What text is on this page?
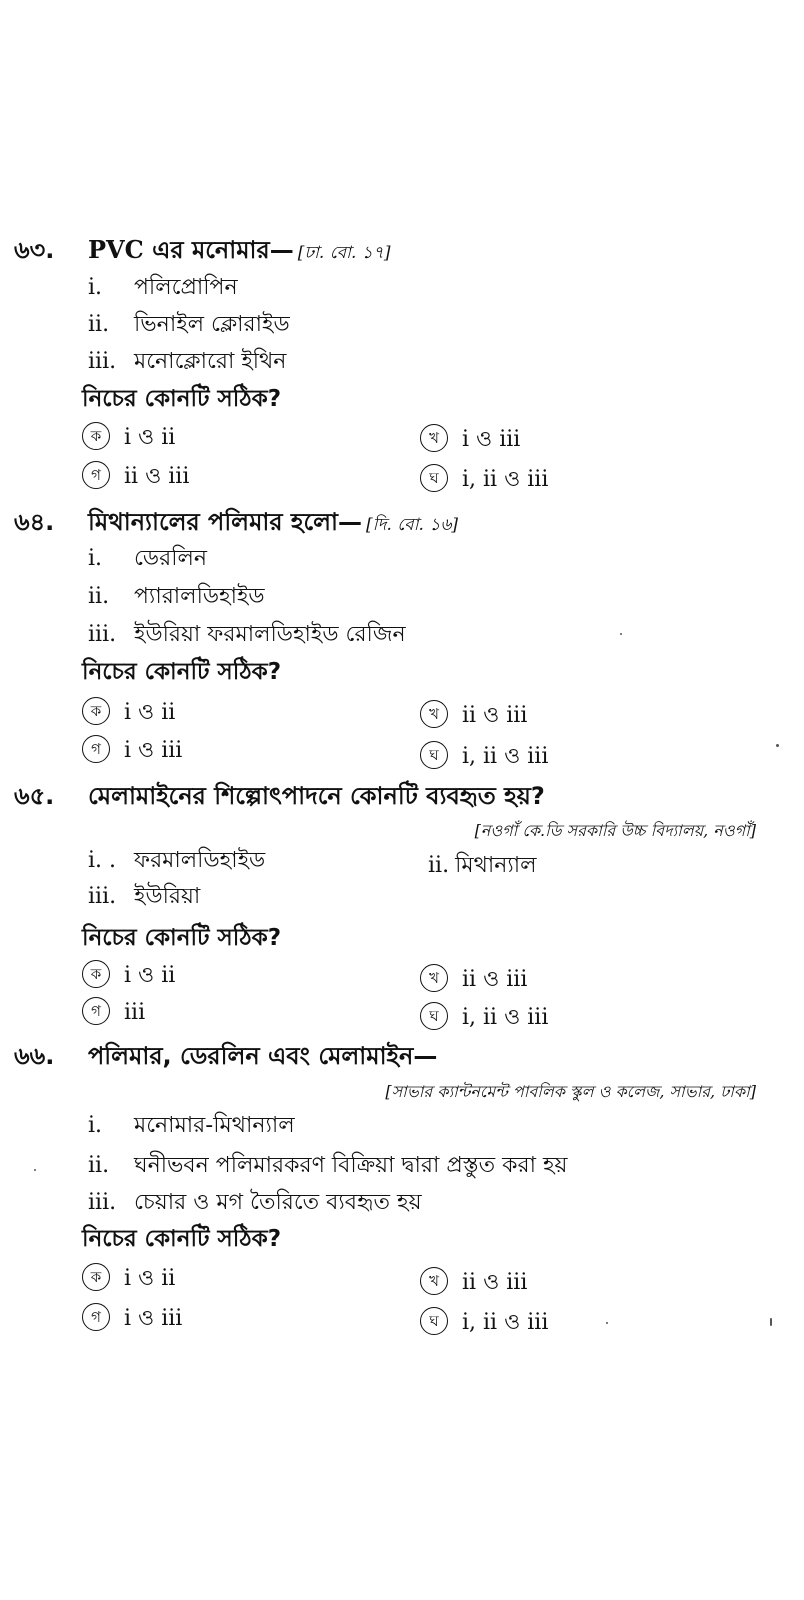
৬৩. PVC এর মনোমার— [ঢা. বো. ১৭]
i. পলিপ্রোপিন
ii. ভিনাইল ক্লোরাইড
iii. মনোক্লোরো ইথিন
নিচের কোনটি সঠিক?
ক i ও ii	খ i ও iii
গ ii ও iii	ঘ i, ii ও iii
৬৪. মিথান্যালের পলিমার হলো— [দি. বো. ১৬]
i. ডেরলিন
ii. প্যারালডিহাইড
iii. ইউরিয়া ফরমালডিহাইড রেজিন
নিচের কোনটি সঠিক?
ক i ও ii	খ ii ও iii
গ i ও iii	ঘ i, ii ও iii
৬৫. মেলামাইনের শিল্পোৎপাদনে কোনটি ব্যবহৃত হয়?
[নওগাঁ কে.ডি সরকারি উচ্চ বিদ্যালয়, নওগাঁ]
i. . ফরমালডিহাইড	ii. মিথান্যাল
iii. ইউরিয়া
নিচের কোনটি সঠিক?
ক i ও ii	খ ii ও iii
গ iii	ঘ i, ii ও iii
৬৬. পলিমার, ডেরলিন এবং মেলামাইন—
[সাভার ক্যান্টনমেন্ট পাবলিক স্কুল ও কলেজ, সাভার, ঢাকা]
i. মনোমার-মিথান্যাল
ii. ঘনীভবন পলিমারকরণ বিক্রিয়া দ্বারা প্রস্তুত করা হয়
iii. চেয়ার ও মগ তৈরিতে ব্যবহৃত হয়
নিচের কোনটি সঠিক?
ক i ও ii	খ ii ও iii
গ i ও iii	ঘ i, ii ও iii
